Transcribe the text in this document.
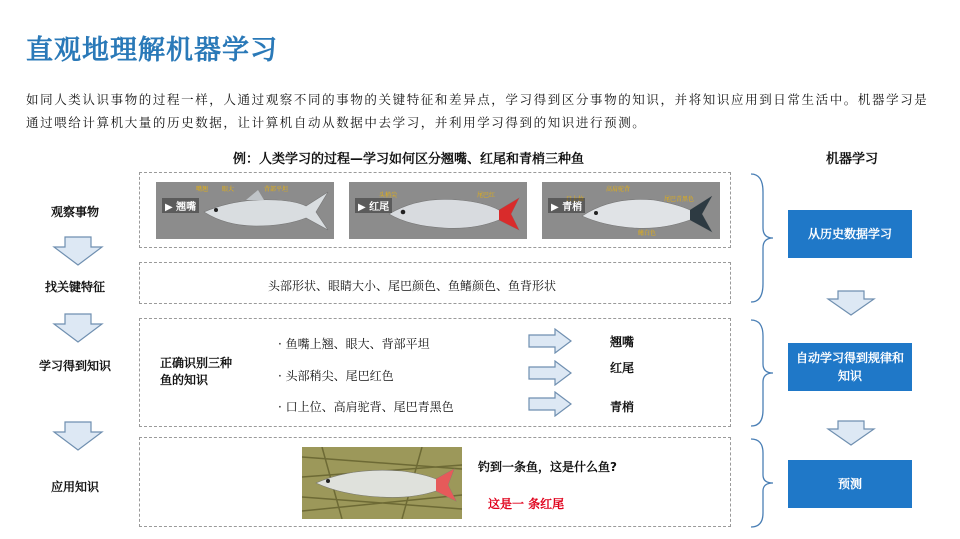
直观地理解机器学习
如同人类认识事物的过程一样，人通过观察不同的事物的关键特征和差异点，学习得到区分事物的知识，并将知识应用到日常生活中。机器学习是通过喂给计算机大量的历史数据，让计算机自动从数据中去学习，并利用学习得到的知识进行预测。
例：人类学习的过程—学习如何区分翘嘴、红尾和青梢三种鱼	机器学习
观察事物
找关键特征
学习得到知识
应用知识
嘴翘 眼大	背部平坦
▶ 翘嘴
头稍尖	尾巴红
▶ 红尾
口上位
高肩驼背
尾巴青黑色
鳍白色
▶ 青梢
头部形状、眼睛大小、尾巴颜色、鱼鳍颜色、鱼背形状
正确识别三种 鱼的知识
· 鱼嘴上翘、眼大、背部平坦
· 头部稍尖、尾巴红色
· 口上位、高肩驼背、尾巴青黑色
翘嘴
红尾
青梢
钓到一条鱼，这是什么鱼?
这是一 条红尾
从历史数据学习
自动学习得到规律和知识
预测
